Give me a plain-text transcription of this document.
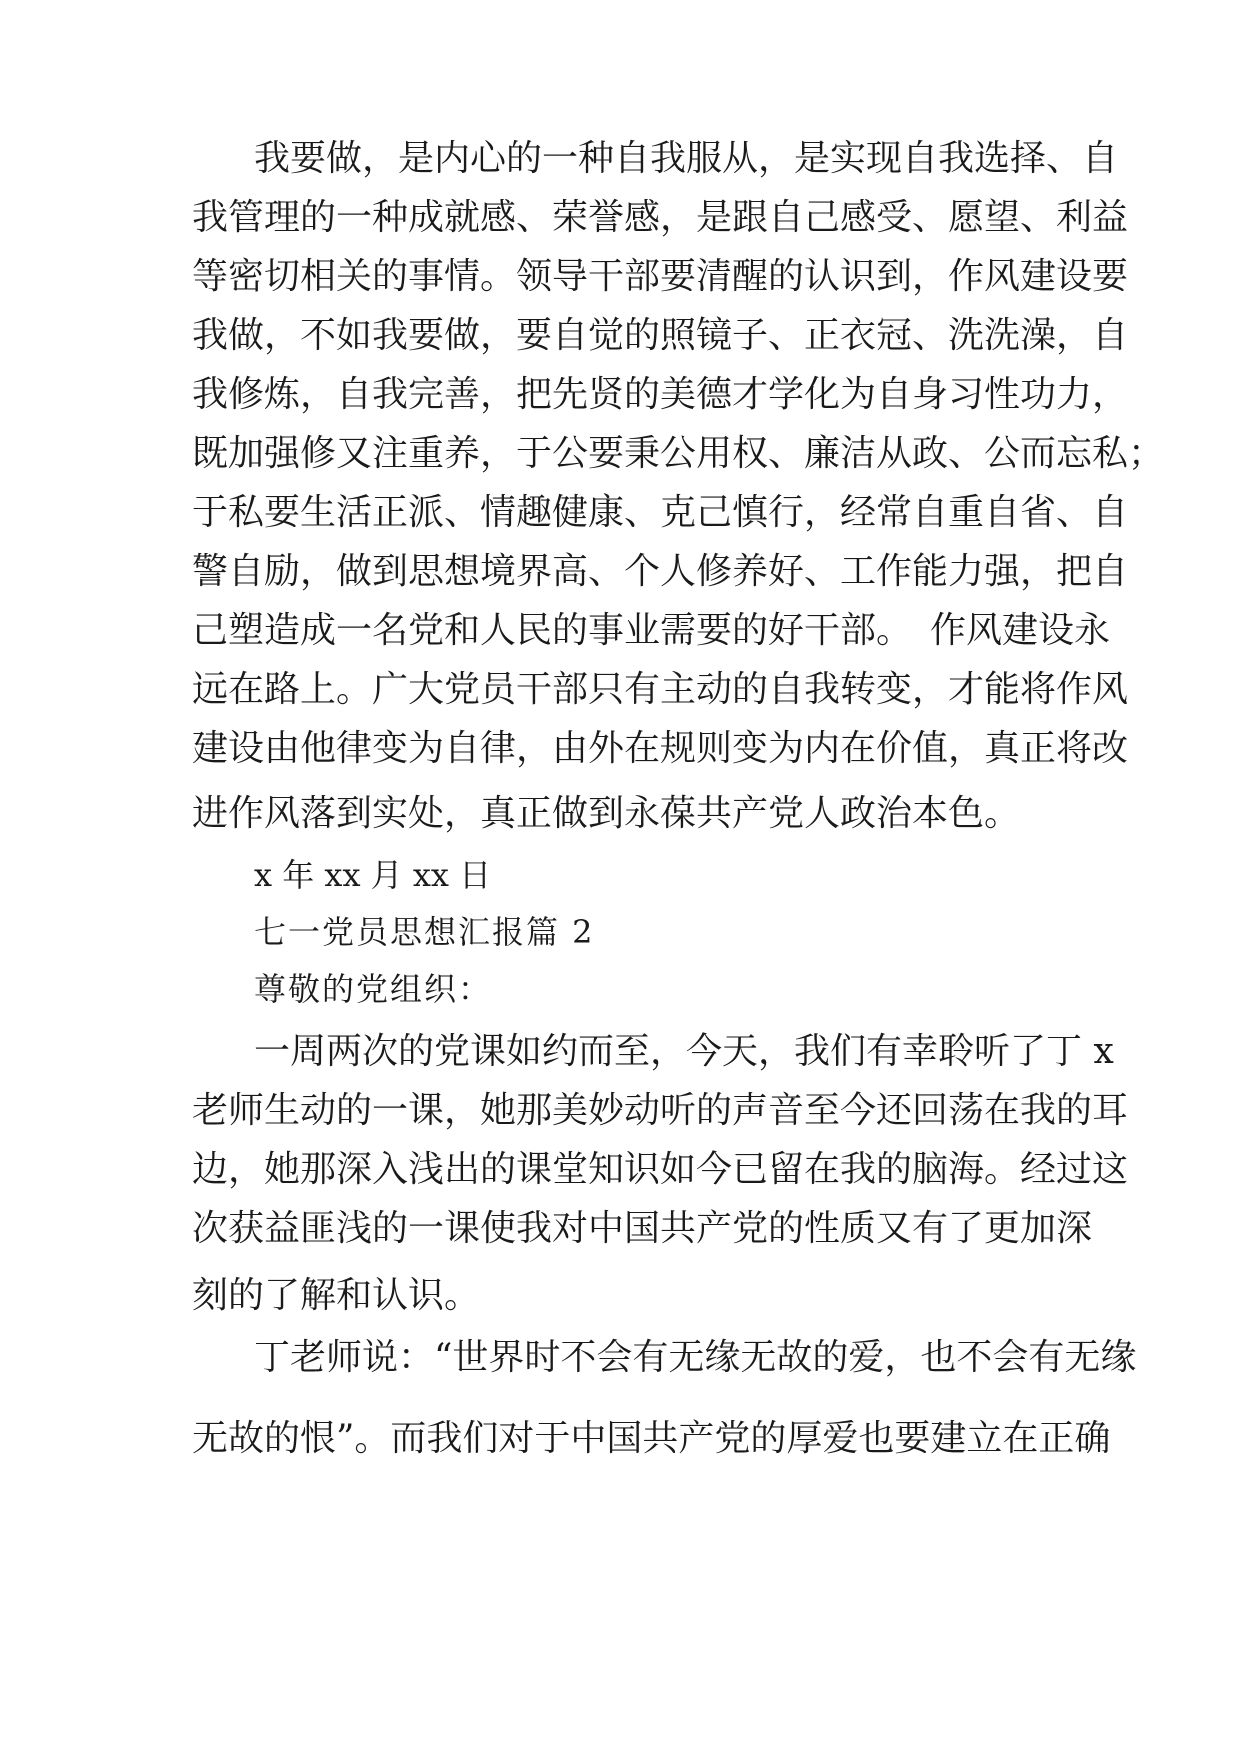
我要做，是内心的一种自我服从，是实现自我选择、自
我管理的一种成就感、荣誉感，是跟自己感受、愿望、利益
等密切相关的事情。领导干部要清醒的认识到，作风建设要
我做，不如我要做，要自觉的照镜子、正衣冠、洗洗澡，自
我修炼，自我完善，把先贤的美德才学化为自身习性功力，
既加强修又注重养，于公要秉公用权、廉洁从政、公而忘私；
于私要生活正派、情趣健康、克己慎行，经常自重自省、自
警自励，做到思想境界高、个人修养好、工作能力强，把自
己塑造成一名党和人民的事业需要的好干部。　作风建设永
远在路上。广大党员干部只有主动的自我转变，才能将作风
建设由他律变为自律，由外在规则变为内在价值，真正将改
进作风落到实处，真正做到永葆共产党人政治本色。
x 年 xx 月 xx 日
七一党员思想汇报篇 2
尊敬的党组织：
一周两次的党课如约而至，今天，我们有幸聆听了丁 x
老师生动的一课，她那美妙动听的声音至今还回荡在我的耳
边，她那深入浅出的课堂知识如今已留在我的脑海。经过这
次获益匪浅的一课使我对中国共产党的性质又有了更加深
刻的了解和认识。
丁老师说：“世界时不会有无缘无故的爱，也不会有无缘
无故的恨”。而我们对于中国共产党的厚爱也要建立在正确
